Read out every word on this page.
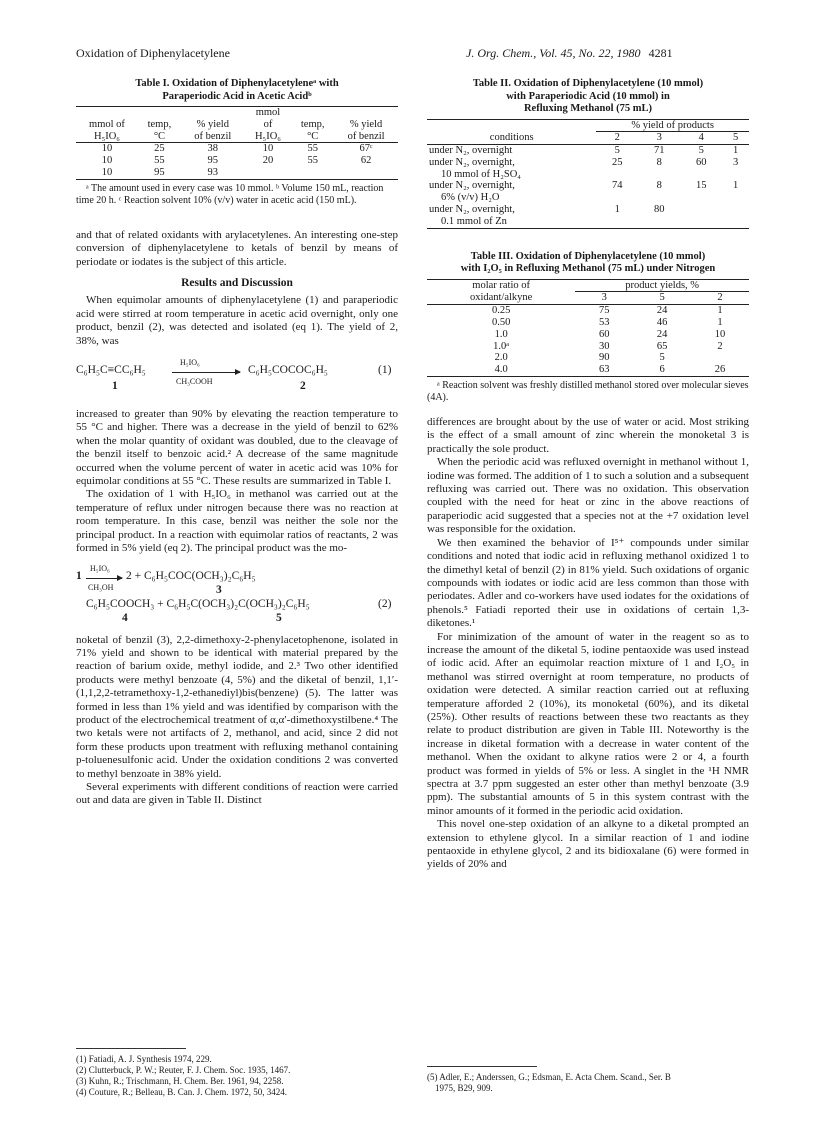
Oxidation of Diphenylacetylene	J. Org. Chem., Vol. 45, No. 22, 1980 4281

Table I. Oxidation of Diphenylacetyleneᵃ with
Paraperiodic Acid in Acetic Acidᵇ

			mmol		
mmol of	temp,	% yield	of	temp,	% yield
H₅IO₆	°C	of benzil	H₅IO₆	°C	of benzil
10	25	38	10	55	67ᶜ
10	55	95	20	55	62
10	95	93			

ᵃ The amount used in every case was 10 mmol. ᵇ Volume 150 mL, reaction time 20 h. ᶜ Reaction solvent 10% (v/v) water in acetic acid (150 mL).

and that of related oxidants with arylacetylenes. An interesting one-step conversion of diphenylacetylene to ketals of benzil by means of periodate or iodates is the subject of this article.

Results and Discussion

When equimolar amounts of diphenylacetylene (1) and paraperiodic acid were stirred at room temperature in acetic acid overnight, only one product, benzil (2), was detected and isolated (eq 1). The yield of 2, 38%, was

C₆H₅C≡CC₆H₅
H₅IO₆
CH₃COOH
C₆H₅COCOC₆H₅	(1)
1	2

increased to greater than 90% by elevating the reaction temperature to 55 °C and higher. There was a decrease in the yield of benzil to 62% when the molar quantity of oxidant was doubled, due to the cleavage of the benzil itself to benzoic acid.² A decrease of the same magnitude occurred when the volume percent of water in acetic acid was 10% for equimolar conditions at 55 °C. These results are summarized in Table I.

The oxidation of 1 with H₅IO₆ in methanol was carried out at the temperature of reflux under nitrogen because there was no reaction at room temperature. In this case, benzil was neither the sole nor the principal product. In a reaction with equimolar ratios of reactants, 2 was formed in 5% yield (eq 2). The principal product was the mo-

1
H₅IO₆
CH₃OH
2 + C₆H₅COC(OCH₃)₂C₆H₅
3
C₆H₅COOCH₃ + C₆H₅C(OCH₃)₂C(OCH₃)₂C₆H₅	(2)
4	5

noketal of benzil (3), 2,2-dimethoxy-2-phenylacetophenone, isolated in 71% yield and shown to be identical with material prepared by the reaction of barium oxide, methyl iodide, and 2.³ Two other identified products were methyl benzoate (4, 5%) and the diketal of benzil, 1,1′-(1,1,2,2-tetramethoxy-1,2-ethanediyl)bis(benzene) (5). The latter was formed in less than 1% yield and was identified by comparison with the product of the electrochemical treatment of α,α′-dimethoxystilbene.⁴ The two ketals were not artifacts of 2, methanol, and acid, since 2 did not form these products upon treatment with refluxing methanol containing p-toluenesulfonic acid. Under the oxidation conditions 2 was converted to methyl benzoate in 38% yield.

Several experiments with different conditions of reaction were carried out and data are given in Table II. Distinct

(1) Fatiadi, A. J. Synthesis 1974, 229.
(2) Clutterbuck, P. W.; Reuter, F. J. Chem. Soc. 1935, 1467.
(3) Kuhn, R.; Trischmann, H. Chem. Ber. 1961, 94, 2258.
(4) Couture, R.; Belleau, B. Can. J. Chem. 1972, 50, 3424.

Table II. Oxidation of Diphenylacetylene (10 mmol)
with Paraperiodic Acid (10 mmol) in
Refluxing Methanol (75 mL)

	% yield of products			
conditions	2	3	4	5
under N₂, overnight	5	71	5	1
under N₂, overnight,
10 mmol of H₂SO₄	25	8	60	3
under N₂, overnight,
6% (v/v) H₂O	74	8	15	1
under N₂, overnight,
0.1 mmol of Zn	1	80		

Table III. Oxidation of Diphenylacetylene (10 mmol)
with I₂O₅ in Refluxing Methanol (75 mL) under Nitrogen

molar ratio of	product yields, %		
oxidant/alkyne	3	5	2
0.25	75	24	1
0.50	53	46	1
1.0	60	24	10
1.0ᵃ	30	65	2
2.0	90	5	
4.0	63	6	26

ᵃ Reaction solvent was freshly distilled methanol stored over molecular sieves (4A).

differences are brought about by the use of water or acid. Most striking is the effect of a small amount of zinc wherein the monoketal 3 is practically the sole product.

When the periodic acid was refluxed overnight in methanol without 1, iodine was formed. The addition of 1 to such a solution and a subsequent refluxing was carried out. There was no oxidation. This observation coupled with the need for heat or zinc in the above reactions of paraperiodic acid suggested that a species not at the +7 oxidation level was responsible for the oxidation.

We then examined the behavior of I⁵⁺ compounds under similar conditions and noted that iodic acid in refluxing methanol oxidized 1 to the dimethyl ketal of benzil (2) in 81% yield. Such oxidations of organic compounds with iodates or iodic acid are less common than those with periodates. Adler and co-workers have used iodates for the oxidations of phenols.⁵ Fatiadi reported their use in oxidations of certain 1,3-diketones.¹

For minimization of the amount of water in the reagent so as to increase the amount of the diketal 5, iodine pentaoxide was used instead of iodic acid. After an equimolar reaction mixture of 1 and I₂O₅ in methanol was stirred overnight at room temperature, no products of oxidation were detected. A similar reaction carried out at refluxing temperature afforded 2 (10%), its monoketal (60%), and its diketal (25%). Other results of reactions between these two reactants as they relate to product distribution are given in Table III. Noteworthy is the increase in diketal formation with a decrease in water content of the methanol. When the oxidant to alkyne ratios were 2 or 4, a fourth product was formed in yields of 5% or less. A singlet in the ¹H NMR spectra at 3.7 ppm suggested an ester other than methyl benzoate (3.9 ppm). The substantial amounts of 5 in this system contrast with the minor amounts of it formed in the periodic acid oxidation.

This novel one-step oxidation of an alkyne to a diketal prompted an extension to ethylene glycol. In a similar reaction of 1 and iodine pentaoxide in ethylene glycol, 2 and its bidioxalane (6) were formed in yields of 20% and

(5) Adler, E.; Anderssen, G.; Edsman, E. Acta Chem. Scand., Ser. B
1975, B29, 909.
